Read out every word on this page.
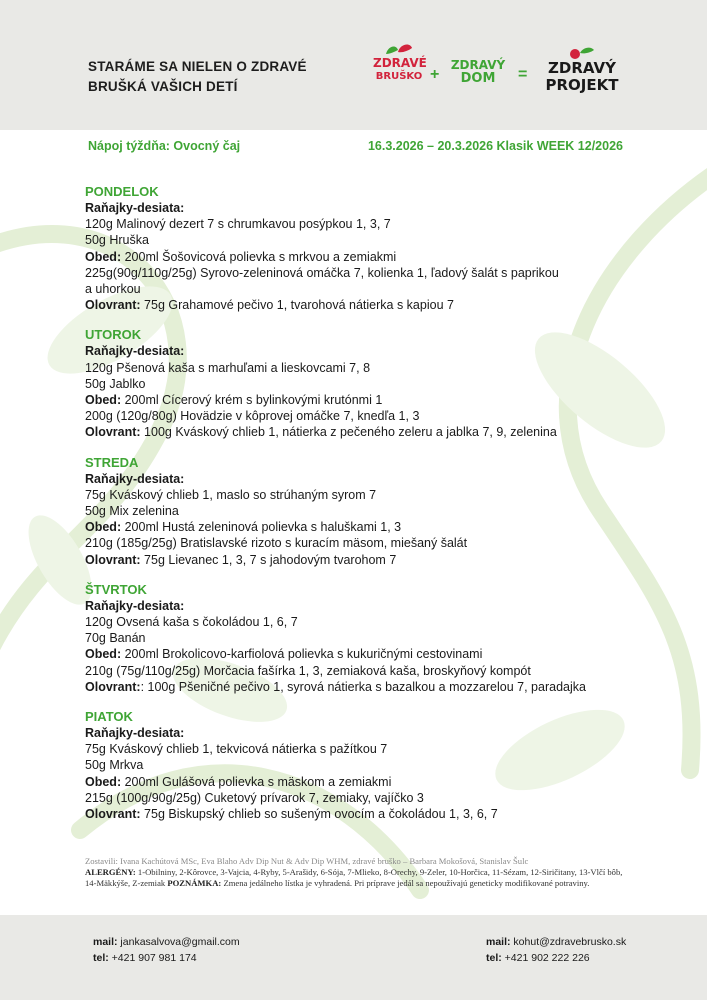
STARÁME SA NIELEN O ZDRAVÉ
BRUŠKÁ VAŠICH DETÍ
ZDRAVÉ
BRUŠKO +
ZDRAVÝ
DOM	=	ZDRAVÝ
PROJEKT
Nápoj týždňa: Ovocný čaj	16.3.2026 – 20.3.2026 Klasik WEEK 12/2026
PONDELOK
Raňajky-desiata:
120g Malinový dezert 7 s chrumkavou posýpkou 1, 3, 7
50g Hruška
Obed: 200ml Šošovicová polievka s mrkvou a zemiakmi
225g(90g/110g/25g) Syrovo-zeleninová omáčka 7, kolienka 1, ľadový šalát s paprikou
a uhorkou
Olovrant: 75g Grahamové pečivo 1, tvarohová nátierka s kapiou 7
UTOROK
Raňajky-desiata:
120g Pšenová kaša s marhuľami a lieskovcami 7, 8
50g Jablko
Obed: 200ml Cícerový krém s bylinkovými krutónmi 1
200g (120g/80g) Hovädzie v kôprovej omáčke 7, knedľa 1, 3
Olovrant: 100g Kváskový chlieb 1, nátierka z pečeného zeleru a jablka 7, 9, zelenina
STREDA
Raňajky-desiata:
75g Kváskový chlieb 1, maslo so strúhaným syrom 7
50g Mix zelenina
Obed: 200ml Hustá zeleninová polievka s haluškami 1, 3
210g (185g/25g) Bratislavské rizoto s kuracím mäsom, miešaný šalát
Olovrant: 75g Lievanec 1, 3, 7 s jahodovým tvarohom 7
ŠTVRTOK
Raňajky-desiata:
120g Ovsená kaša s čokoládou 1, 6, 7
70g Banán
Obed: 200ml Brokolicovo-karfiolová polievka s kukuričnými cestovinami
210g (75g/110g/25g) Morčacia fašírka 1, 3, zemiaková kaša, broskyňový kompót
Olovrant:: 100g Pšeničné pečivo 1, syrová nátierka s bazalkou a mozzarelou 7, paradajka
PIATOK
Raňajky-desiata:
75g Kváskový chlieb 1, tekvicová nátierka s pažítkou 7
50g Mrkva
Obed: 200ml Gulášová polievka s mäskom a zemiakmi
215g (100g/90g/25g) Cuketový prívarok 7, zemiaky, vajíčko 3
Olovrant: 75g Biskupský chlieb so sušeným ovocím a čokoládou 1, 3, 6, 7
Zostavili: Ivana Kachútová MSc, Eva Blaho Adv Dip Nut & Adv Dip WHM, zdravé bruško – Barbara Mokošová, Stanislav Šulc
ALERGÉNY: 1-Obilniny, 2-Kôrovce, 3-Vajcia, 4-Ryby, 5-Arašidy, 6-Sója, 7-Mlieko, 8-Orechy, 9-Zeler, 10-Horčica, 11-Sézam, 12-Siričitany, 13-Vlčí bôb, 14-Mäkkýše, Z-zemiak POZNÁMKA: Zmena jedálneho lístka je vyhradená. Pri príprave jedál sa nepoužívajú geneticky modifikované potraviny.
mail: jankasalvova@gmail.com
tel: +421 907 981 174
mail: kohut@zdravebrusko.sk
tel: +421 902 222 226
